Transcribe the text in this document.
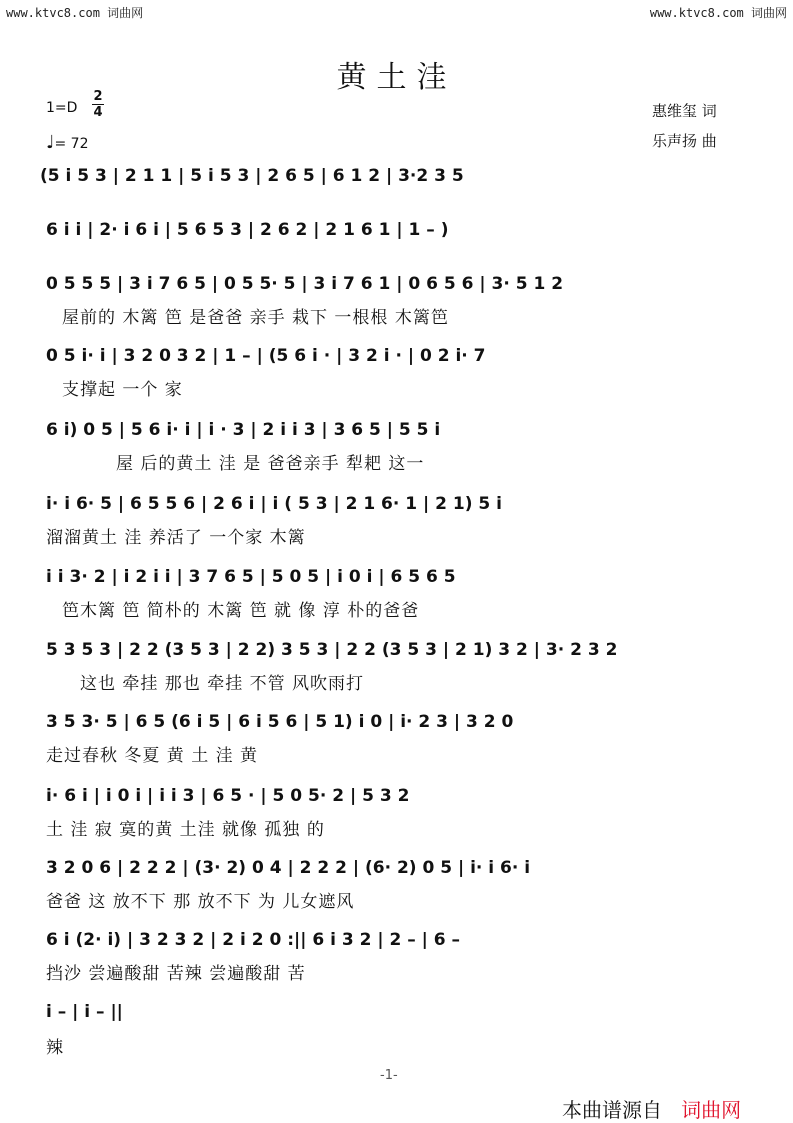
www.ktvc8.com 词曲网	www.ktvc8.com 词曲网
黄土洼
1=D
2
4
♩= 72
惠维玺 词
乐声扬 曲
(5 i 5 3 | 2 1 1 | 5 i 5 3 | 2 6 5 | 6 1 2 | 3·2 3 5
6 i i | 2· i 6 i | 5 6 5 3 | 2 6 2 | 2 1 6 1 | 1 – )
0 5 5 5 | 3 i 7 6 5 | 0 5 5· 5 | 3 i 7 6 1 | 0 6 5 6 | 3· 5 1 2
屋前的 木篱 笆 是爸爸 亲手 栽下 一根根 木篱笆
0 5 i· i | 3 2 0 3 2 | 1 – | (5 6 i · | 3 2 i · | 0 2 i· 7
支撑起 一个 家
6 i) 0 5 | 5 6 i· i | i · 3 | 2 i i 3 | 3 6 5 | 5 5 i
屋 后的黄土 洼 是 爸爸亲手 犁耙 这一
i· i 6· 5 | 6 5 5 6 | 2 6 i | i ( 5 3 | 2 1 6· 1 | 2 1) 5 i
溜溜黄土 洼 养活了 一个家 木篱
i i 3· 2 | i 2 i i | 3 7 6 5 | 5 0 5 | i 0 i | 6 5 6 5
笆木篱 笆 简朴的 木篱 笆 就 像 淳 朴的爸爸
5 3 5 3 | 2 2 (3 5 3 | 2 2) 3 5 3 | 2 2 (3 5 3 | 2 1) 3 2 | 3· 2 3 2
这也 牵挂 那也 牵挂 不管 风吹雨打
3 5 3· 5 | 6 5 (6 i 5 | 6 i 5 6 | 5 1) i 0 | i· 2 3 | 3 2 0
走过春秋 冬夏 黄 土 洼 黄
i· 6 i | i 0 i | i i 3 | 6 5 · | 5 0 5· 2 | 5 3 2
土 洼 寂 寞的黄 土洼 就像 孤独 的
3 2 0 6 | 2 2 2 | (3· 2) 0 4 | 2 2 2 | (6· 2) 0 5 | i· i 6· i
爸爸 这 放不下 那 放不下 为 儿女遮风
6 i (2· i) | 3 2 3 2 | 2 i 2 0 :|| 6 i 3 2 | 2 – | 6 –
挡沙 尝遍酸甜 苦辣 尝遍酸甜 苦
i – | i – ||
辣
-1-
本曲谱源自 词曲网
